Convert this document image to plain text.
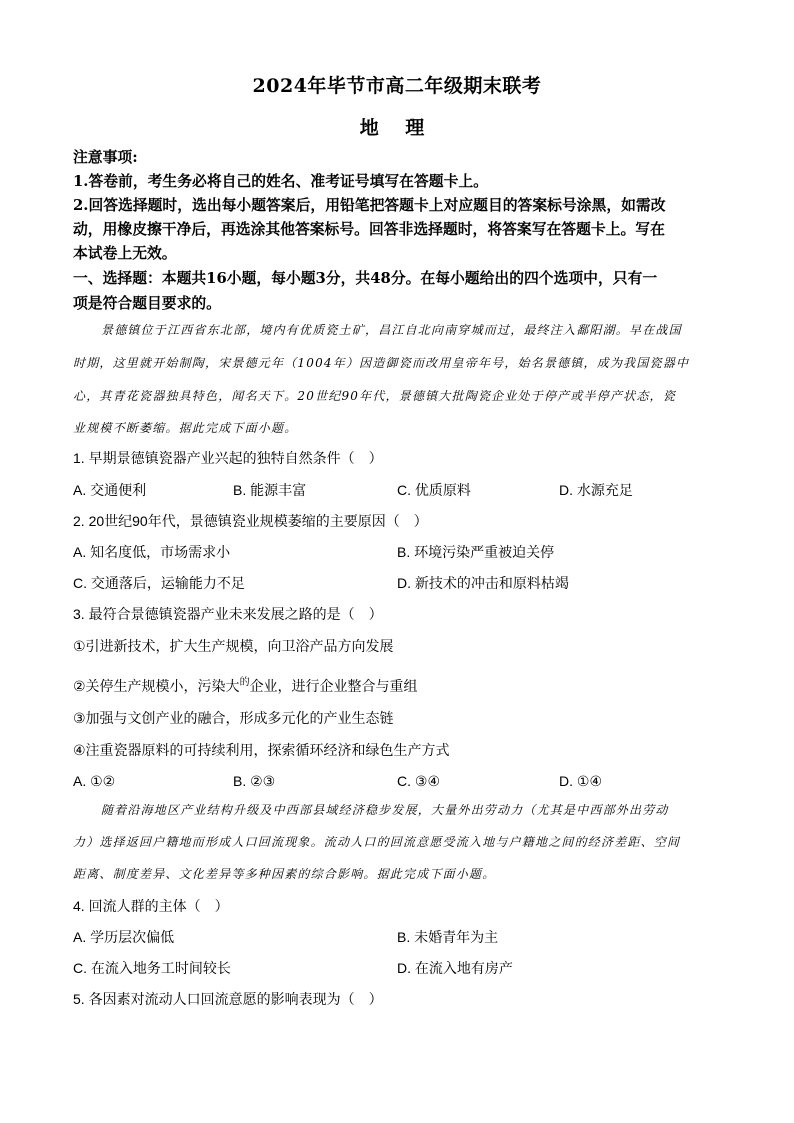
2024年毕节市高二年级期末联考
地 理
注意事项:
1.答卷前，考生务必将自己的姓名、准考证号填写在答题卡上。
2.回答选择题时，选出每小题答案后，用铅笔把答题卡上对应题目的答案标号涂黑，如需改
动，用橡皮擦干净后，再选涂其他答案标号。回答非选择题时，将答案写在答题卡上。写在
本试卷上无效。
一、选择题：本题共16小题，每小题3分，共48分。在每小题给出的四个选项中，只有一
项是符合题目要求的。
景德镇位于江西省东北部，境内有优质瓷土矿，昌江自北向南穿城而过，最终注入鄱阳湖。早在战国
时期，这里就开始制陶，宋景德元年（1004年）因造御瓷而改用皇帝年号，始名景德镇，成为我国瓷器中
心，其青花瓷器独具特色，闻名天下。20世纪90年代，景德镇大批陶瓷企业处于停产或半停产状态，瓷
业规模不断萎缩。据此完成下面小题。
1. 早期景德镇瓷器产业兴起的独特自然条件（　）
A. 交通便利	B. 能源丰富	C. 优质原料	D. 水源充足
2. 20世纪90年代，景德镇瓷业规模萎缩的主要原因（　）
A. 知名度低，市场需求小	B. 环境污染严重被迫关停
C. 交通落后，运输能力不足	D. 新技术的冲击和原料枯竭
3. 最符合景德镇瓷器产业未来发展之路的是（　）
①引进新技术，扩大生产规模，向卫浴产品方向发展
②关停生产规模小，污染大$^的$企业，进行企业整合与重组
③加强与文创产业的融合，形成多元化的产业生态链
④注重瓷器原料的可持续利用，探索循环经济和绿色生产方式
A. ①②	B. ②③	C. ③④	D. ①④
随着沿海地区产业结构升级及中西部县域经济稳步发展，大量外出劳动力（尤其是中西部外出劳动
力）选择返回户籍地而形成人口回流现象。流动人口的回流意愿受流入地与户籍地之间的经济差距、空间
距离、制度差异、文化差异等多种因素的综合影响。据此完成下面小题。
4. 回流人群的主体（　）
A. 学历层次偏低	B. 未婚青年为主
C. 在流入地务工时间较长	D. 在流入地有房产
5. 各因素对流动人口回流意愿的影响表现为（　）
